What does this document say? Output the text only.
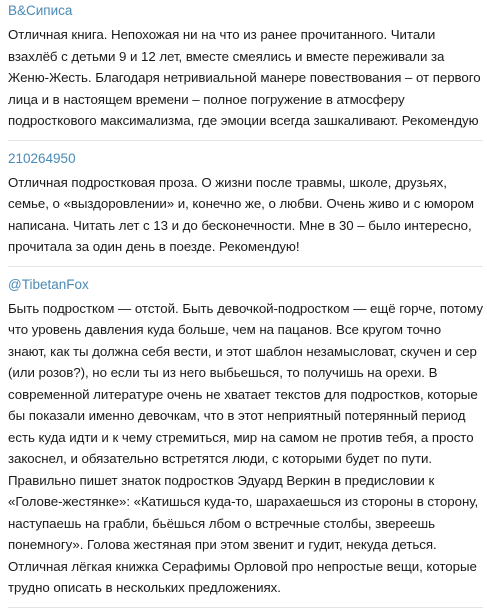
B&Сиписа

Отличная книга. Непохожая ни на что из ранее прочитанного. Читали взахлёб с детьми 9 и 12 лет, вместе смеялись и вместе переживали за Женю-Жесть. Благодаря нетривиальной манере повествования – от первого лица и в настоящем времени – полное погружение в атмосферу подросткового максимализма, где эмоции всегда зашкаливают. Рекомендую

210264950

Отличная подростковая проза. О жизни после травмы, школе, друзьях, семье, о «выздоровлении» и, конечно же, о любви. Очень живо и с юмором написана. Читать лет с 13 и до бесконечности. Мне в 30 – было интересно, прочитала за один день в поезде. Рекомендую!

@TibetanFox

Быть подростком — отстой. Быть девочкой-подростком — ещё горче, потому что уровень давления куда больше, чем на пацанов. Все кругом точно знают, как ты должна себя вести, и этот шаблон незамысловат, скучен и сер (или розов?), но если ты из него выбьешься, то получишь на орехи. В современной литературе очень не хватает текстов для подростков, которые бы показали именно девочкам, что в этот неприятный потерянный период есть куда идти и к чему стремиться, мир на самом не против тебя, а просто закоснел, и обязательно встретятся люди, с которыми будет по пути. Правильно пишет знаток подростков Эдуард Веркин в предисловии к «Голове-жестянке»: «Катишься куда-то, шарахаешься из стороны в сторону, наступаешь на грабли, бьёшься лбом о встречные столбы, звереешь понемногу». Голова жестяная при этом звенит и гудит, некуда деться. Отличная лёгкая книжка Серафимы Орловой про непростые вещи, которые трудно описать в нескольких предложениях.
